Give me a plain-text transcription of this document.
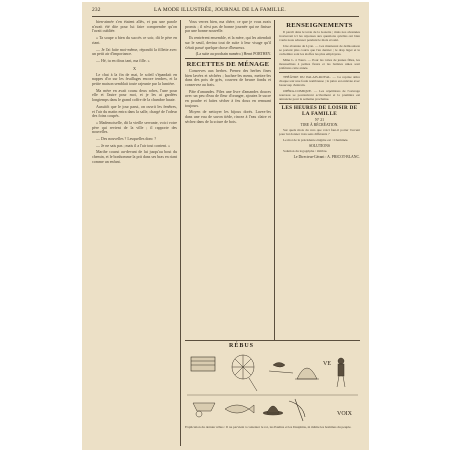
232	LA MODE ILLUSTRÉE, JOURNAL DE LA FAMILLE.

bien-aimée s'en étaient allés, et pas une parole n'avait été dite pour lui faire comprendre qu'on l'avait oubliée.

« Ta soupe a bien du succès ce soir, dit le père en riant.

— Je l'ai faite moi-même, répondit la fillette avec un petit air d'importance.

— Hé, tu en diras tant, ma fille. »

X

Le chat à la fin de mai, le soleil s'épandait en nappes d'or sur les feuillages encore tendres, et la petite maison semblait toute rajeunie par la lumière.

Ma mère en avait cousu deux robes, l'une pour elle et l'autre pour moi, et je les ai gardées longtemps dans le grand coffre de la chambre haute.

Aussitôt que le jour parut, on ouvrit les fenêtres, et l'air du matin entra dans la salle, chargé de l'odeur des foins coupés.

« Mademoiselle, dit la vieille servante, voici votre père qui revient de la ville ; il rapporte des nouvelles.

— Des nouvelles ? Lesquelles donc ?

— Je ne sais pas ; mais il a l'air tout content. »

Marthe courut au-devant de lui jusqu'au bout du chemin, et le bonhomme la prit dans ses bras en riant comme un enfant.

Vous verrez bien, ma chère, ce que je vous avais promis ; il n'est pas de bonne journée qui ne finisse par une bonne nouvelle.

Ils rentrèrent ensemble, et la mère, qui les attendait sur le seuil, devina tout de suite à leur visage qu'il s'était passé quelque chose d'heureux.

(La suite au prochain numéro.) Henri PORTHEY.
RECETTES DE MÉNAGE

Conserves aux herbes. Prenez des herbes fines bien lavées et séchées ; hachez-les menu, mettez-les dans des pots de grès, couvrez de beurre fondu et conservez au frais.

Pâte d'amandes. Pilez une livre d'amandes douces avec un peu d'eau de fleur d'oranger, ajoutez le sucre en poudre et faites sécher à feu doux en remuant toujours.

Moyen de nettoyer les bijoux dorés. Lavez-les dans une eau de savon tiède, rincez à l'eau claire et séchez dans de la sciure de bois.

RENSEIGNEMENTS

Il paraît dans le texte de la Gazette ; mais nos abonnées trouveront ici les réponses aux questions qu'elles ont bien voulu nous adresser pendant le mois écoulé.

Une abonnée de Lyon. — Les manteaux de demi-saison se portent plus courts que l'an dernier ; le drap léger et le cachemire sont les étoffes les plus employées.

Mme L. à Tours. — Pour les robes de jeunes filles, les mousselines à petites fleurs et les batistes unies sont préférées cette année.

THÉÂTRE DU PALAIS-ROYAL. — La reprise attire chaque soir une foule nombreuse ; la pièce est enlevée avec beaucoup d'entrain.

OPÉRA-COMIQUE. — Les répétitions de l'ouvrage nouveau se poursuivent activement et la première est annoncée pour la semaine prochaine.

LES HEURES DE LOISIR DE LA FAMILLE
N° 21
TIRE À RÉCRÉATION.

Sur quels mots du vers que voici faut-il porter l'accent pour lui donner trois sens différents ?

Le mot de la précédente énigme est : Cheminée.

SOLUTIONS

Solution du logogriphe : Ombre.

Le Directeur-Gérant : A. PRICOT-BLANC.
RÉBUS
VE
VOIX
Explication du dernier rébus : Il ne parvient à contenter le roi, les Paulins et les Dauphins, ni même les hommes du peuple.
